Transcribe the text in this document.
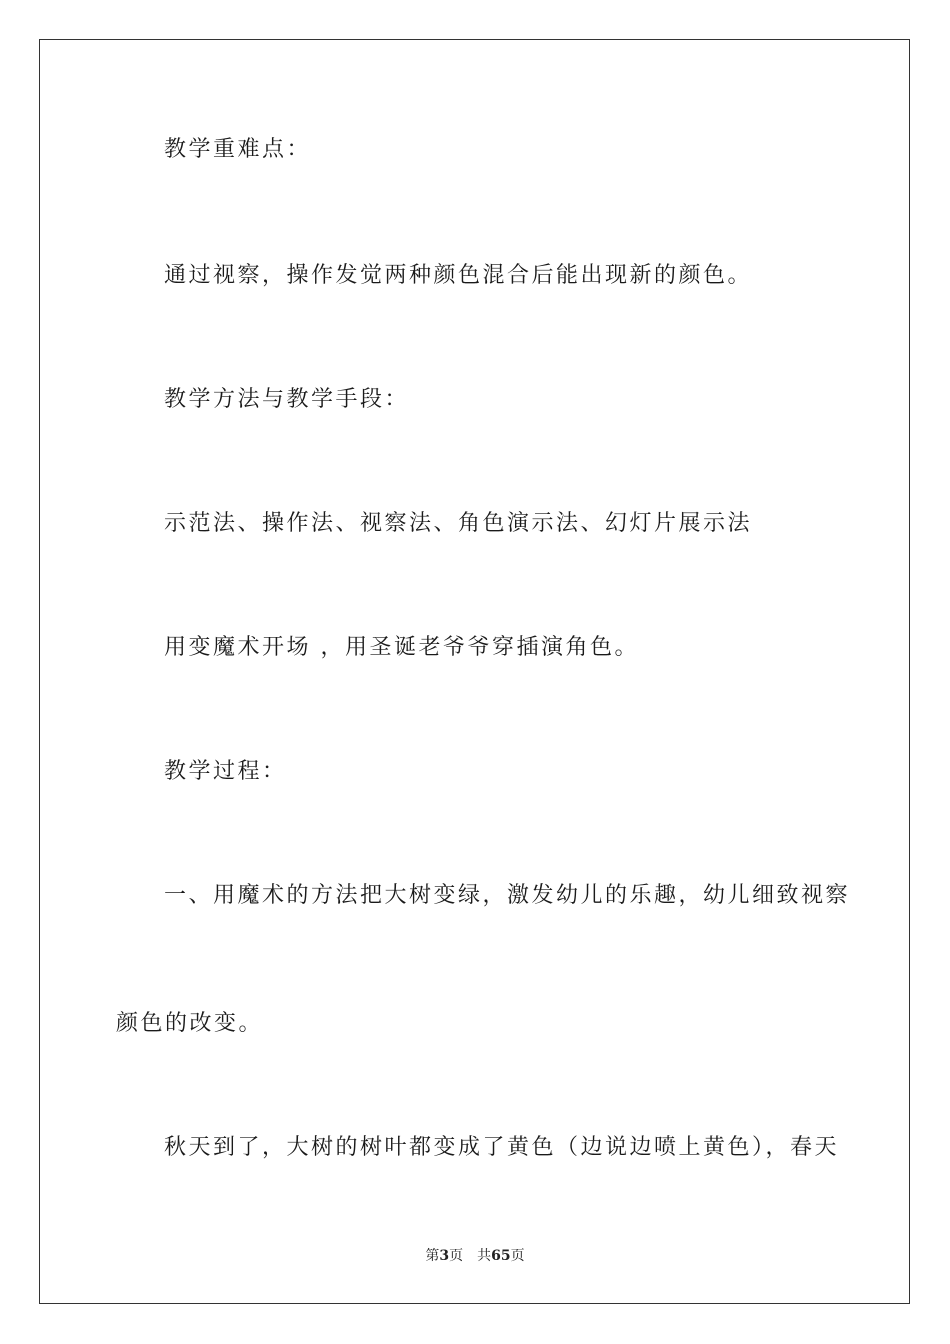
教学重难点：
通过视察，操作发觉两种颜色混合后能出现新的颜色。
教学方法与教学手段：
示范法、操作法、视察法、角色演示法、幻灯片展示法
用变魔术开场 ，用圣诞老爷爷穿插演角色。
教学过程：
一、用魔术的方法把大树变绿，激发幼儿的乐趣，幼儿细致视察
颜色的改变。
秋天到了，大树的树叶都变成了黄色（边说边喷上黄色），春天
第3页 共65页
